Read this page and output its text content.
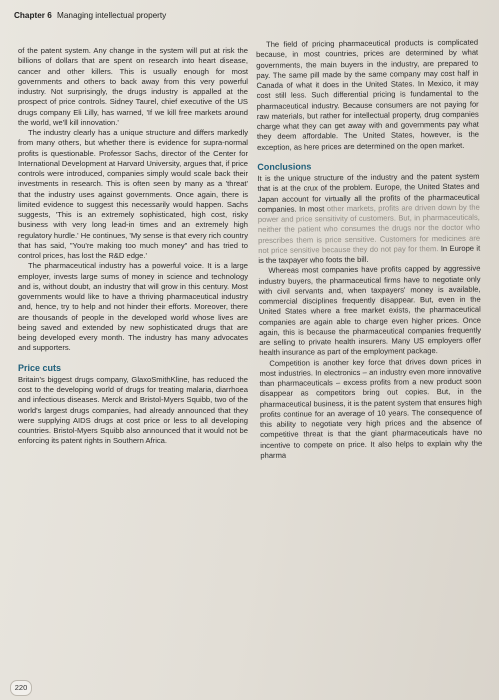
Chapter 6 Managing intellectual property

of the patent system. Any change in the system will put at risk the billions of dollars that are spent on research into heart disease, cancer and other killers. This is usually enough for most governments and others to back away from this very powerful industry. Not surprisingly, the drugs industry is appalled at the prospect of price controls. Sidney Taurel, chief executive of the US drugs company Eli Lilly, has warned, 'If we kill free markets around the world, we'll kill innovation.'

The industry clearly has a unique structure and differs markedly from many others, but whether there is evidence for supra-normal profits is questionable. Professor Sachs, director of the Center for International Development at Harvard University, argues that, if price controls were introduced, companies simply would scale back their investments in research. This is often seen by many as a 'threat' that the industry uses against governments. Once again, there is limited evidence to suggest this necessarily would happen. Sachs suggests, 'This is an extremely sophisticated, high cost, risky business with very long lead-in times and an extremely high regulatory hurdle.' He continues, 'My sense is that every rich country that has said, "You're making too much money" and has tried to control prices, has lost the R&D edge.'

The pharmaceutical industry has a powerful voice. It is a large employer, invests large sums of money in science and technology and is, without doubt, an industry that will grow in this century. Most governments would like to have a thriving pharmaceutical industry and, hence, try to help and not hinder their efforts. Moreover, there are thousands of people in the developed world whose lives are being saved and extended by new sophisticated drugs that are being developed every month. The industry has many advocates and supporters.

Price cuts

Britain's biggest drugs company, GlaxoSmithKline, has reduced the cost to the developing world of drugs for treating malaria, diarrhoea and infectious diseases. Merck and Bristol-Myers Squibb, two of the world's largest drugs companies, had already announced that they were supplying AIDS drugs at cost price or less to all developing countries. Bristol-Myers Squibb also announced that it would not be enforcing its patent rights in Southern Africa.

The field of pricing pharmaceutical products is complicated because, in most countries, prices are determined by what governments, the main buyers in the industry, are prepared to pay. The same pill made by the same company may cost half in Canada of what it does in the United States. In Mexico, it may cost still less. Such differential pricing is fundamental to the pharmaceutical industry. Because consumers are not paying for raw materials, but rather for intellectual property, drug companies charge what they can get away with and governments pay what they deem affordable. The United States, however, is the exception, as here prices are determined on the open market.

Conclusions

It is the unique structure of the industry and the patent system that is at the crux of the problem. Europe, the United States and Japan account for virtually all the profits of the pharmaceutical companies. In most other markets, profits are driven down by the power and price sensitivity of customers. But, in pharmaceuticals, neither the patient who consumes the drugs nor the doctor who prescribes them is price sensitive. Customers for medicines are not price sensitive because they do not pay for them. In Europe it is the taxpayer who foots the bill.

Whereas most companies have profits capped by aggressive industry buyers, the pharmaceutical firms have to negotiate only with civil servants and, when taxpayers' money is available, commercial disciplines frequently disappear. But, even in the United States where a free market exists, the pharmaceutical companies are again able to charge even higher prices. Once again, this is because the pharmaceutical companies frequently are selling to private health insurers. Many US employers offer health insurance as part of the employment package.

Competition is another key force that drives down prices in most industries. In electronics – an industry even more innovative than pharmaceuticals – excess profits from a new product soon disappear as competitors bring out copies. But, in the pharmaceutical business, it is the patent system that ensures high profits continue for an average of 10 years. The consequence of this ability to negotiate very high prices and the absence of competitive threat is that the giant pharmaceuticals have no incentive to compete on price. It also helps to explain why the pharma

220
